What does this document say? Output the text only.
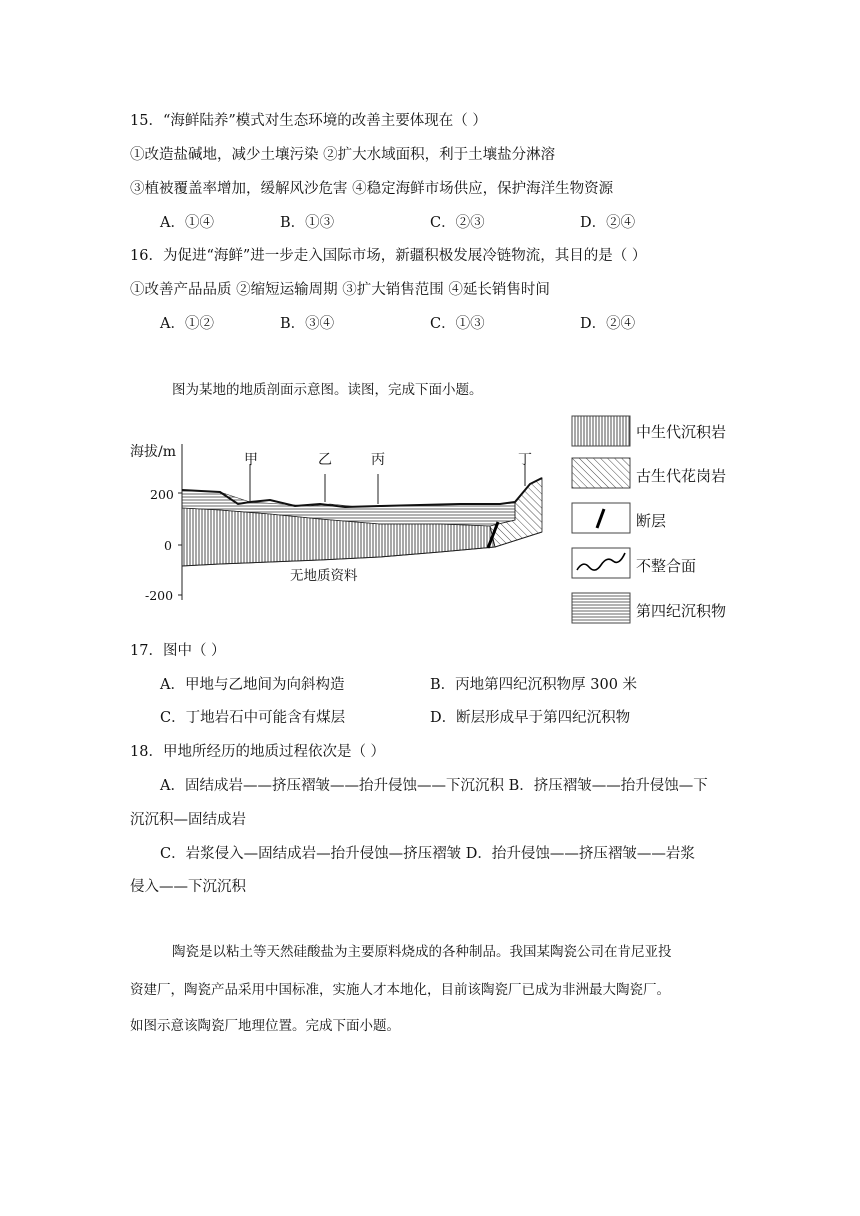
15．“海鲜陆养”模式对生态环境的改善主要体现在（ ）
①改造盐碱地，减少土壤污染 ②扩大水域面积，利于土壤盐分淋溶
③植被覆盖率增加，缓解风沙危害 ④稳定海鲜市场供应，保护海洋生物资源
A．①④	B．①③	C．②③	D．②④
16．为促进“海鲜”进一步走入国际市场，新疆积极发展冷链物流，其目的是（ ）
①改善产品品质 ②缩短运输周期 ③扩大销售范围 ④延长销售时间
A．①②	B．③④	C．①③	D．②④
图为某地的地质剖面示意图。读图，完成下面小题。
海拔/m
200
0
-200
甲	乙	丙	丁
无地质资料
中生代沉积岩
古生代花岗岩
断层
不整合面
第四纪沉积物
17．图中（ ）
A．甲地与乙地间为向斜构造	B．丙地第四纪沉积物厚 300 米
C．丁地岩石中可能含有煤层	D．断层形成早于第四纪沉积物
18．甲地所经历的地质过程依次是（ ）
A．固结成岩——挤压褶皱——抬升侵蚀——下沉沉积 B．挤压褶皱——抬升侵蚀—下
沉沉积—固结成岩
C．岩浆侵入—固结成岩—抬升侵蚀—挤压褶皱 D．抬升侵蚀——挤压褶皱——岩浆
侵入——下沉沉积
陶瓷是以粘土等天然硅酸盐为主要原料烧成的各种制品。我国某陶瓷公司在肯尼亚投
资建厂，陶瓷产品采用中国标准，实施人才本地化，目前该陶瓷厂已成为非洲最大陶瓷厂。
如图示意该陶瓷厂地理位置。完成下面小题。
